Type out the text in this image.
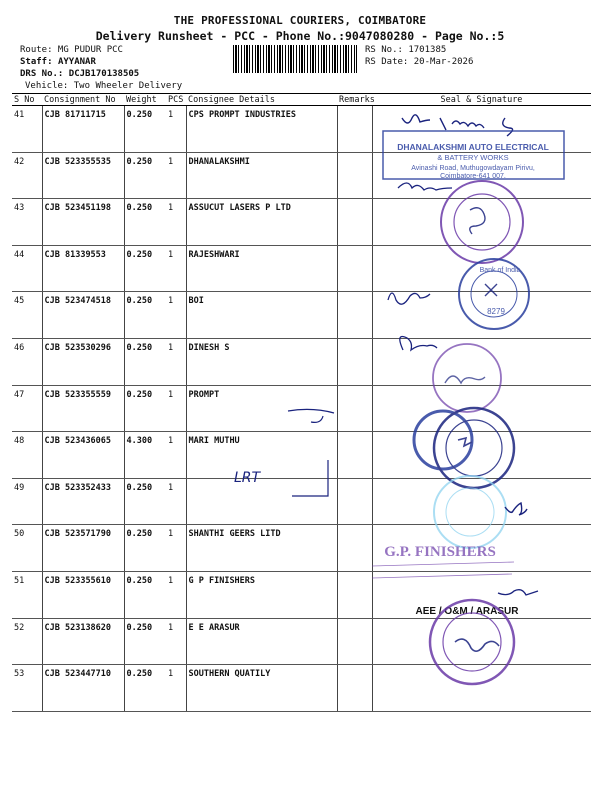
THE PROFESSIONAL COURIERS, COIMBATORE
Delivery Runsheet - PCC - Phone No.:9047080280 - Page No.:5
Route: MG PUDUR PCC
Staff: AYYANAR
DRS No.: DCJB170138505
Vehicle: Two Wheeler Delivery
RS No.: 1701385
RS Date: 20-Mar-2026
S No	Consignment No	Weight	PCS	Consignee Details	Remarks	Seal & Signature
41	CJB 81711715	0.250	1	CPS PROMPT INDUSTRIES		
42	CJB 523355535	0.250	1	DHANALAKSHMI		
43	CJB 523451198	0.250	1	ASSUCUT LASERS P LTD		
44	CJB 81339553	0.250	1	RAJESHWARI		
45	CJB 523474518	0.250	1	BOI		
46	CJB 523530296	0.250	1	DINESH S		
47	CJB 523355559	0.250	1	PROMPT		
48	CJB 523436065	4.300	1	MARI MUTHU		
49	CJB 523352433	0.250	1			
50	CJB 523571790	0.250	1	SHANTHI GEERS LITD		
51	CJB 523355610	0.250	1	G P FINISHERS		
52	CJB 523138620	0.250	1	E E ARASUR		
53	CJB 523447710	0.250	1	SOUTHERN QUATILY		
DHANALAKSHMI AUTO ELECTRICAL
& BATTERY WORKS
Avinashi Road, Muthugowdayam Pirivu,
Coimbatore-641 007.
Bank of India
8279
LRT
G.P. FINISHERS
AEE / O&M / ARASUR
